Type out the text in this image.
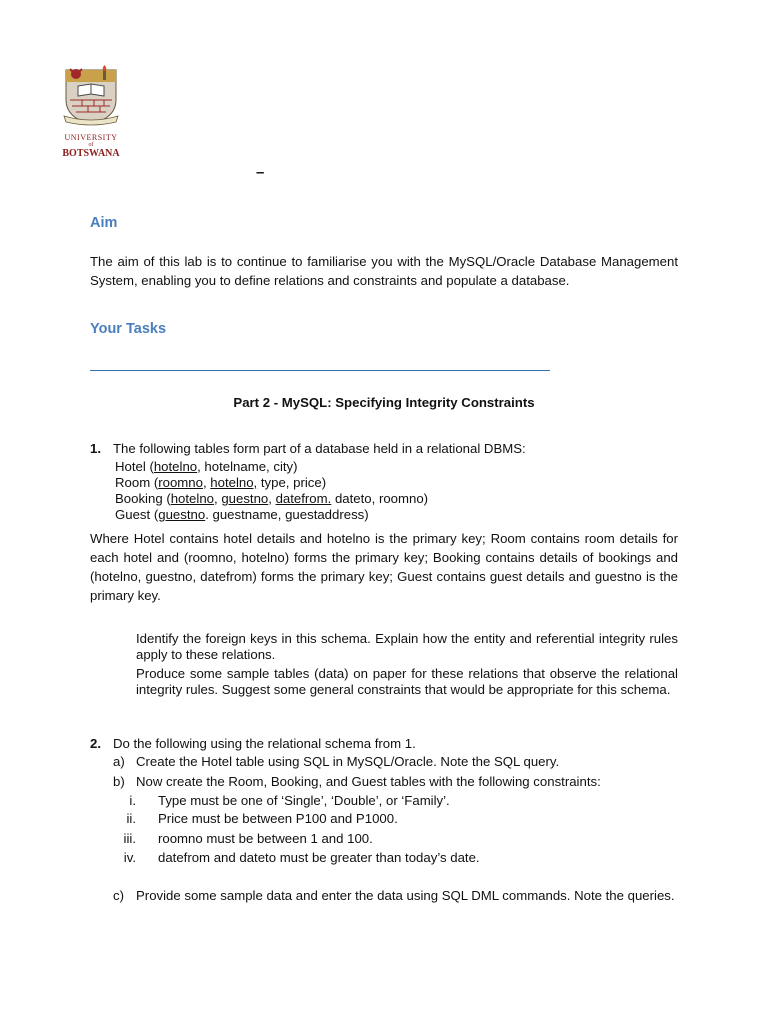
UNIVERSITY
of
BOTSWANA
–
Aim
The aim of this lab is to continue to familiarise you with the MySQL/Oracle Database Management System, enabling you to define relations and constraints and populate a database.
Your Tasks
Part 2 - MySQL: Specifying Integrity Constraints
1. The following tables form part of a database held in a relational DBMS:
Hotel (hotelno, hotelname, city)
Room (roomno, hotelno, type, price)
Booking (hotelno, guestno, datefrom. dateto, roomno)
Guest (guestno. guestname, guestaddress)
Where Hotel contains hotel details and hotelno is the primary key; Room contains room details for each hotel and (roomno, hotelno) forms the primary key; Booking contains details of bookings and (hotelno, guestno, datefrom) forms the primary key; Guest contains guest details and guestno is the primary key.
Identify the foreign keys in this schema. Explain how the entity and referential integrity rules apply to these relations.
Produce some sample tables (data) on paper for these relations that observe the relational integrity rules. Suggest some general constraints that would be appropriate for this schema.
2. Do the following using the relational schema from 1.
a) Create the Hotel table using SQL in MySQL/Oracle. Note the SQL query.
b) Now create the Room, Booking, and Guest tables with the following constraints:
i. Type must be one of ‘Single’, ‘Double’, or ‘Family’.
ii. Price must be between P100 and P1000.
iii. roomno must be between 1 and 100.
iv. datefrom and dateto must be greater than today’s date.
c) Provide some sample data and enter the data using SQL DML commands. Note the queries.
